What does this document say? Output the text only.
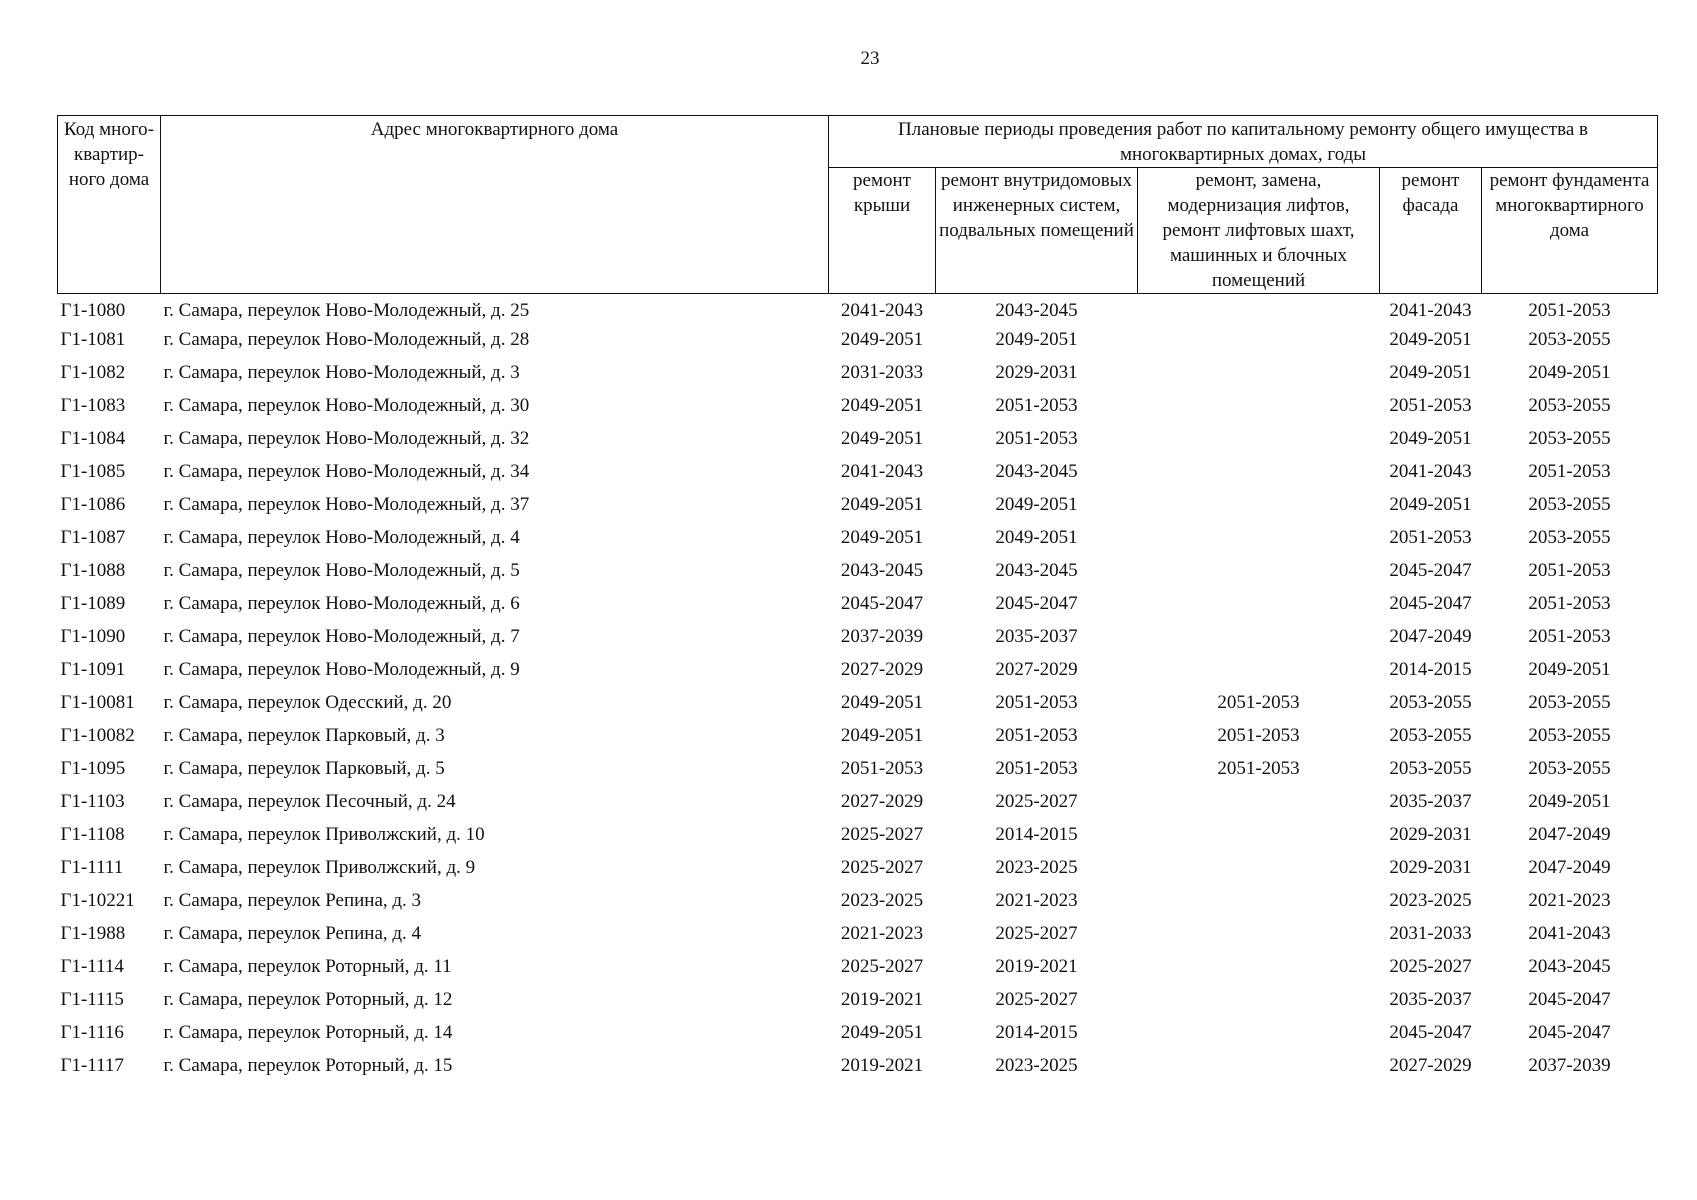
23
Код много-квартир-ного дома	Адрес многоквартирного дома	Плановые периоды проведения работ по капитальному ремонту общего имущества в многоквартирных домах, годы				
		ремонт крыши	ремонт внутридомовых инженерных систем, подвальных помещений	ремонт, замена, модернизация лифтов, ремонт лифтовых шахт, машинных и блочных помещений	ремонт фасада	ремонт фундамента многоквартирного дома
Г1-1080	г. Самара, переулок Ново-Молодежный, д. 25	2041-2043	2043-2045		2041-2043	2051-2053
Г1-1081	г. Самара, переулок Ново-Молодежный, д. 28	2049-2051	2049-2051		2049-2051	2053-2055
Г1-1082	г. Самара, переулок Ново-Молодежный, д. 3	2031-2033	2029-2031		2049-2051	2049-2051
Г1-1083	г. Самара, переулок Ново-Молодежный, д. 30	2049-2051	2051-2053		2051-2053	2053-2055
Г1-1084	г. Самара, переулок Ново-Молодежный, д. 32	2049-2051	2051-2053		2049-2051	2053-2055
Г1-1085	г. Самара, переулок Ново-Молодежный, д. 34	2041-2043	2043-2045		2041-2043	2051-2053
Г1-1086	г. Самара, переулок Ново-Молодежный, д. 37	2049-2051	2049-2051		2049-2051	2053-2055
Г1-1087	г. Самара, переулок Ново-Молодежный, д. 4	2049-2051	2049-2051		2051-2053	2053-2055
Г1-1088	г. Самара, переулок Ново-Молодежный, д. 5	2043-2045	2043-2045		2045-2047	2051-2053
Г1-1089	г. Самара, переулок Ново-Молодежный, д. 6	2045-2047	2045-2047		2045-2047	2051-2053
Г1-1090	г. Самара, переулок Ново-Молодежный, д. 7	2037-2039	2035-2037		2047-2049	2051-2053
Г1-1091	г. Самара, переулок Ново-Молодежный, д. 9	2027-2029	2027-2029		2014-2015	2049-2051
Г1-10081	г. Самара, переулок Одесский, д. 20	2049-2051	2051-2053	2051-2053	2053-2055	2053-2055
Г1-10082	г. Самара, переулок Парковый, д. 3	2049-2051	2051-2053	2051-2053	2053-2055	2053-2055
Г1-1095	г. Самара, переулок Парковый, д. 5	2051-2053	2051-2053	2051-2053	2053-2055	2053-2055
Г1-1103	г. Самара, переулок Песочный, д. 24	2027-2029	2025-2027		2035-2037	2049-2051
Г1-1108	г. Самара, переулок Приволжский, д. 10	2025-2027	2014-2015		2029-2031	2047-2049
Г1-1111	г. Самара, переулок Приволжский, д. 9	2025-2027	2023-2025		2029-2031	2047-2049
Г1-10221	г. Самара, переулок Репина, д. 3	2023-2025	2021-2023		2023-2025	2021-2023
Г1-1988	г. Самара, переулок Репина, д. 4	2021-2023	2025-2027		2031-2033	2041-2043
Г1-1114	г. Самара, переулок Роторный, д. 11	2025-2027	2019-2021		2025-2027	2043-2045
Г1-1115	г. Самара, переулок Роторный, д. 12	2019-2021	2025-2027		2035-2037	2045-2047
Г1-1116	г. Самара, переулок Роторный, д. 14	2049-2051	2014-2015		2045-2047	2045-2047
Г1-1117	г. Самара, переулок Роторный, д. 15	2019-2021	2023-2025		2027-2029	2037-2039
